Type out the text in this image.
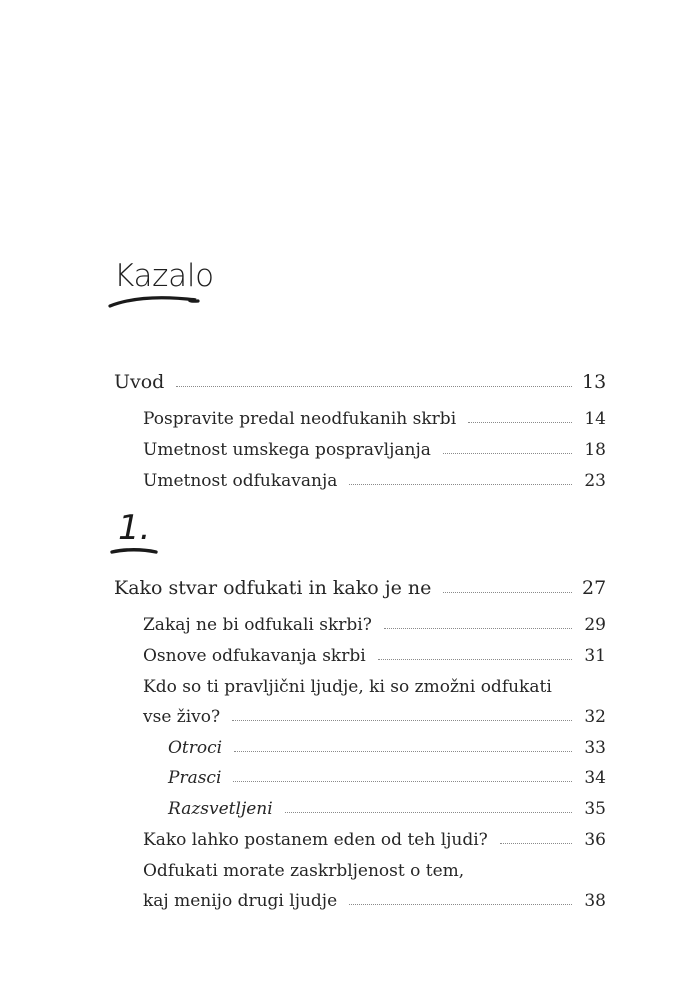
Kazalo
Uvod	13
Pospravite predal neodfukanih skrbi	14
Umetnost umskega pospravljanja	18
Umetnost odfukavanja	23
1.
Kako stvar odfukati in kako je ne	27
Zakaj ne bi odfukali skrbi?	29
Osnove odfukavanja skrbi	31
Kdo so ti pravljični ljudje, ki so zmožni odfukati
vse živo?	32
Otroci	33
Prasci	34
Razsvetljeni	35
Kako lahko postanem eden od teh ljudi?	36
Odfukati morate zaskrbljenost o tem,
kaj menijo drugi ljudje	38
